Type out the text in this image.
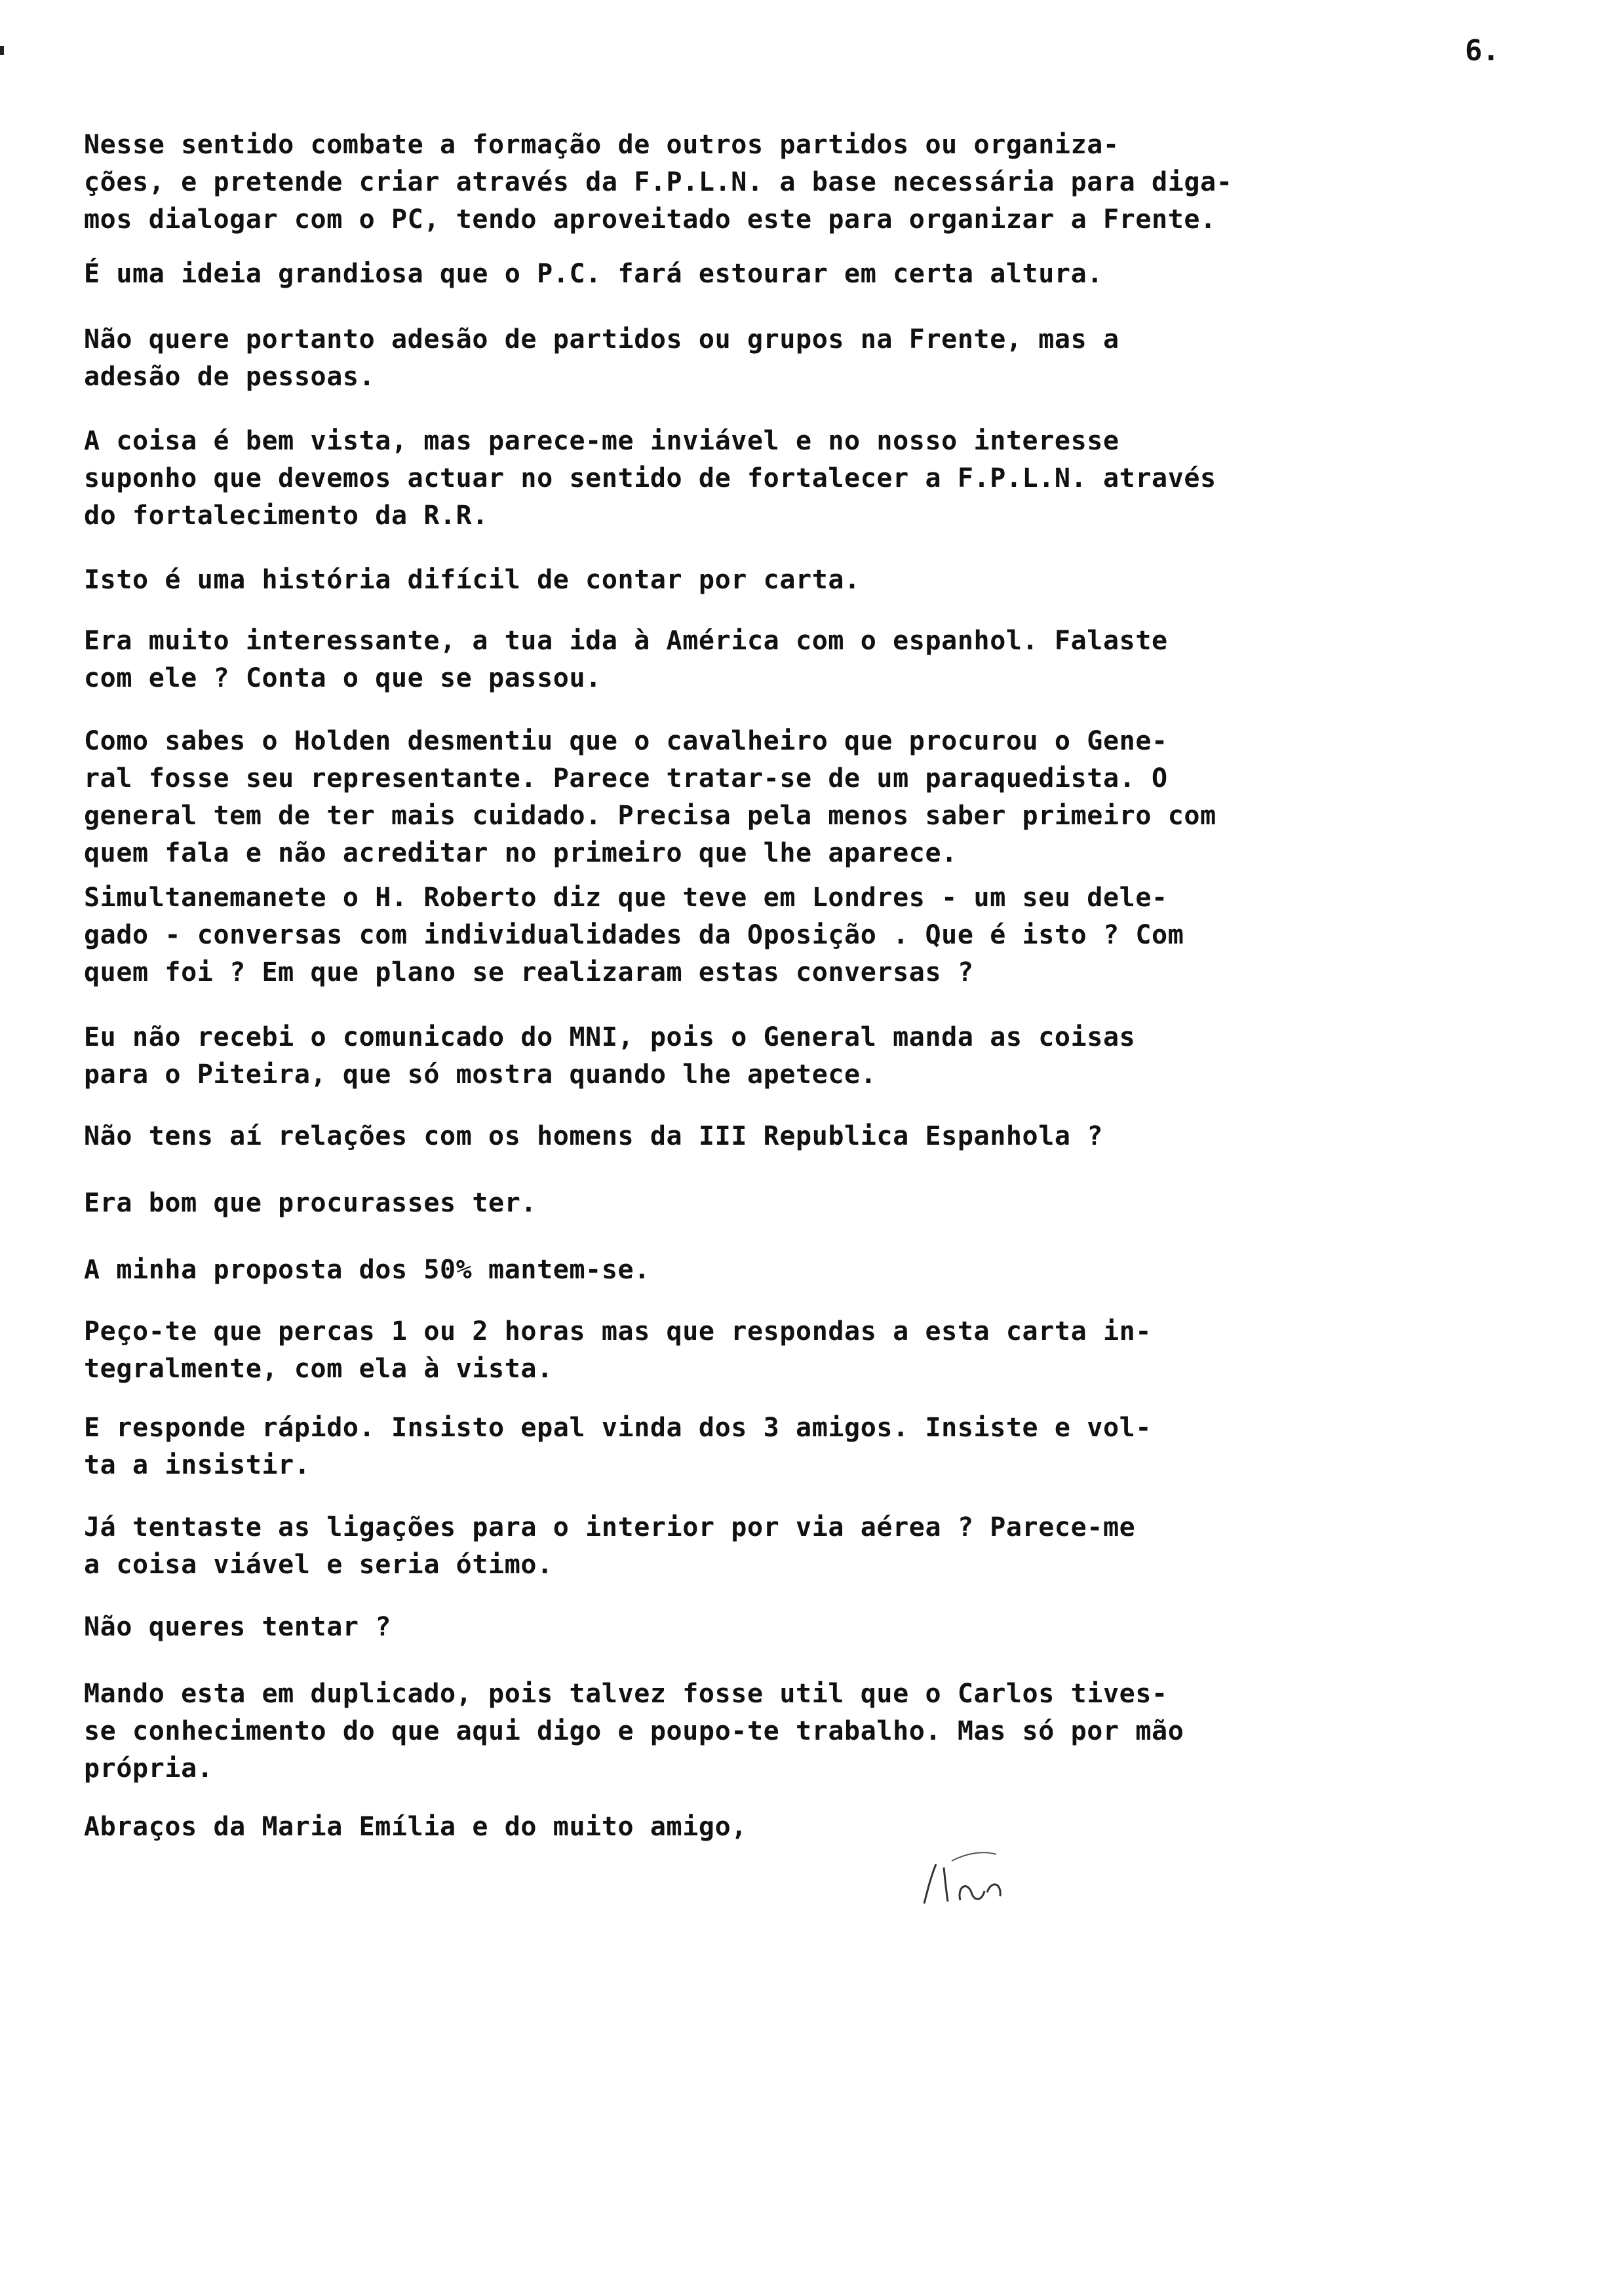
6.

Nesse sentido combate a formação de outros partidos ou organiza-
ções, e pretende criar através da F.P.L.N. a base necessária para diga-
mos dialogar com o PC, tendo aproveitado este para organizar a Frente.

É uma ideia grandiosa que o P.C. fará estourar em certa altura.

Não quere portanto adesão de partidos ou grupos na Frente, mas a
adesão de pessoas.

A coisa é bem vista, mas parece-me inviável e no nosso interesse
suponho que devemos actuar no sentido de fortalecer a F.P.L.N. através
do fortalecimento da R.R.

Isto é uma história difícil de contar por carta.

Era muito interessante, a tua ida à América com o espanhol. Falaste
com ele ? Conta o que se passou.

Como sabes o Holden desmentiu que o cavalheiro que procurou o Gene-
ral fosse seu representante. Parece tratar-se de um paraquedista. O
general tem de ter mais cuidado. Precisa pela menos saber primeiro com
quem fala e não acreditar no primeiro que lhe aparece.

Simultanemanete o H. Roberto diz que teve em Londres - um seu dele-
gado - conversas com individualidades da Oposição . Que é isto ? Com
quem foi ? Em que plano se realizaram estas conversas ?

Eu não recebi o comunicado do MNI, pois o General manda as coisas
para o Piteira, que só mostra quando lhe apetece.

Não tens aí relações com os homens da III Republica Espanhola ?

Era bom que procurasses ter.

A minha proposta dos 50% mantem-se.

Peço-te que percas 1 ou 2 horas mas que respondas a esta carta in-
tegralmente, com ela à vista.

E responde rápido. Insisto epal vinda dos 3 amigos. Insiste e vol-
ta a insistir.

Já tentaste as ligações para o interior por via aérea ? Parece-me
a coisa viável e seria ótimo.

Não queres tentar ?

Mando esta em duplicado, pois talvez fosse util que o Carlos tives-
se conhecimento do que aqui digo e poupo-te trabalho. Mas só por mão
própria.

Abraços da Maria Emília e do muito amigo,
